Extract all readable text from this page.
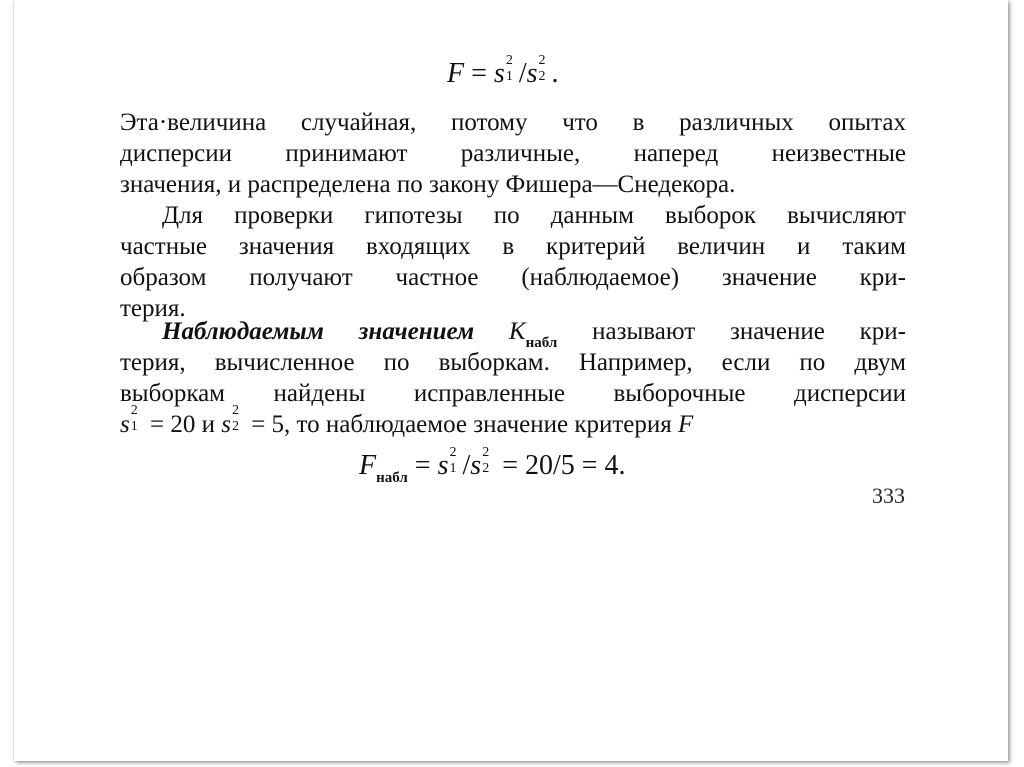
F = s 2
1 /s 2
2 .
Эта·величина случайная, потому что в различных опытах
дисперсии принимают различные, наперед неизвестные
значения, и распределена по закону Фишера—Снедекора.
Для проверки гипотезы по данным выборок вычисляют
частные значения входящих в критерий величин и таким
образом получают частное (наблюдаемое) значение кри-
терия.
Наблюдаемым значением $K_{набл}$ называют значение кри-
терия, вычисленное по выборкам. Например, если по двум
выборкам найдены исправленные выборочные дисперсии
s
2
1 = 20 и s
2
2 = 5, то наблюдаемое значение критерия F
$F_{набл} = s$ 2
1 /s 2
2 = 20/5 = 4.
333
